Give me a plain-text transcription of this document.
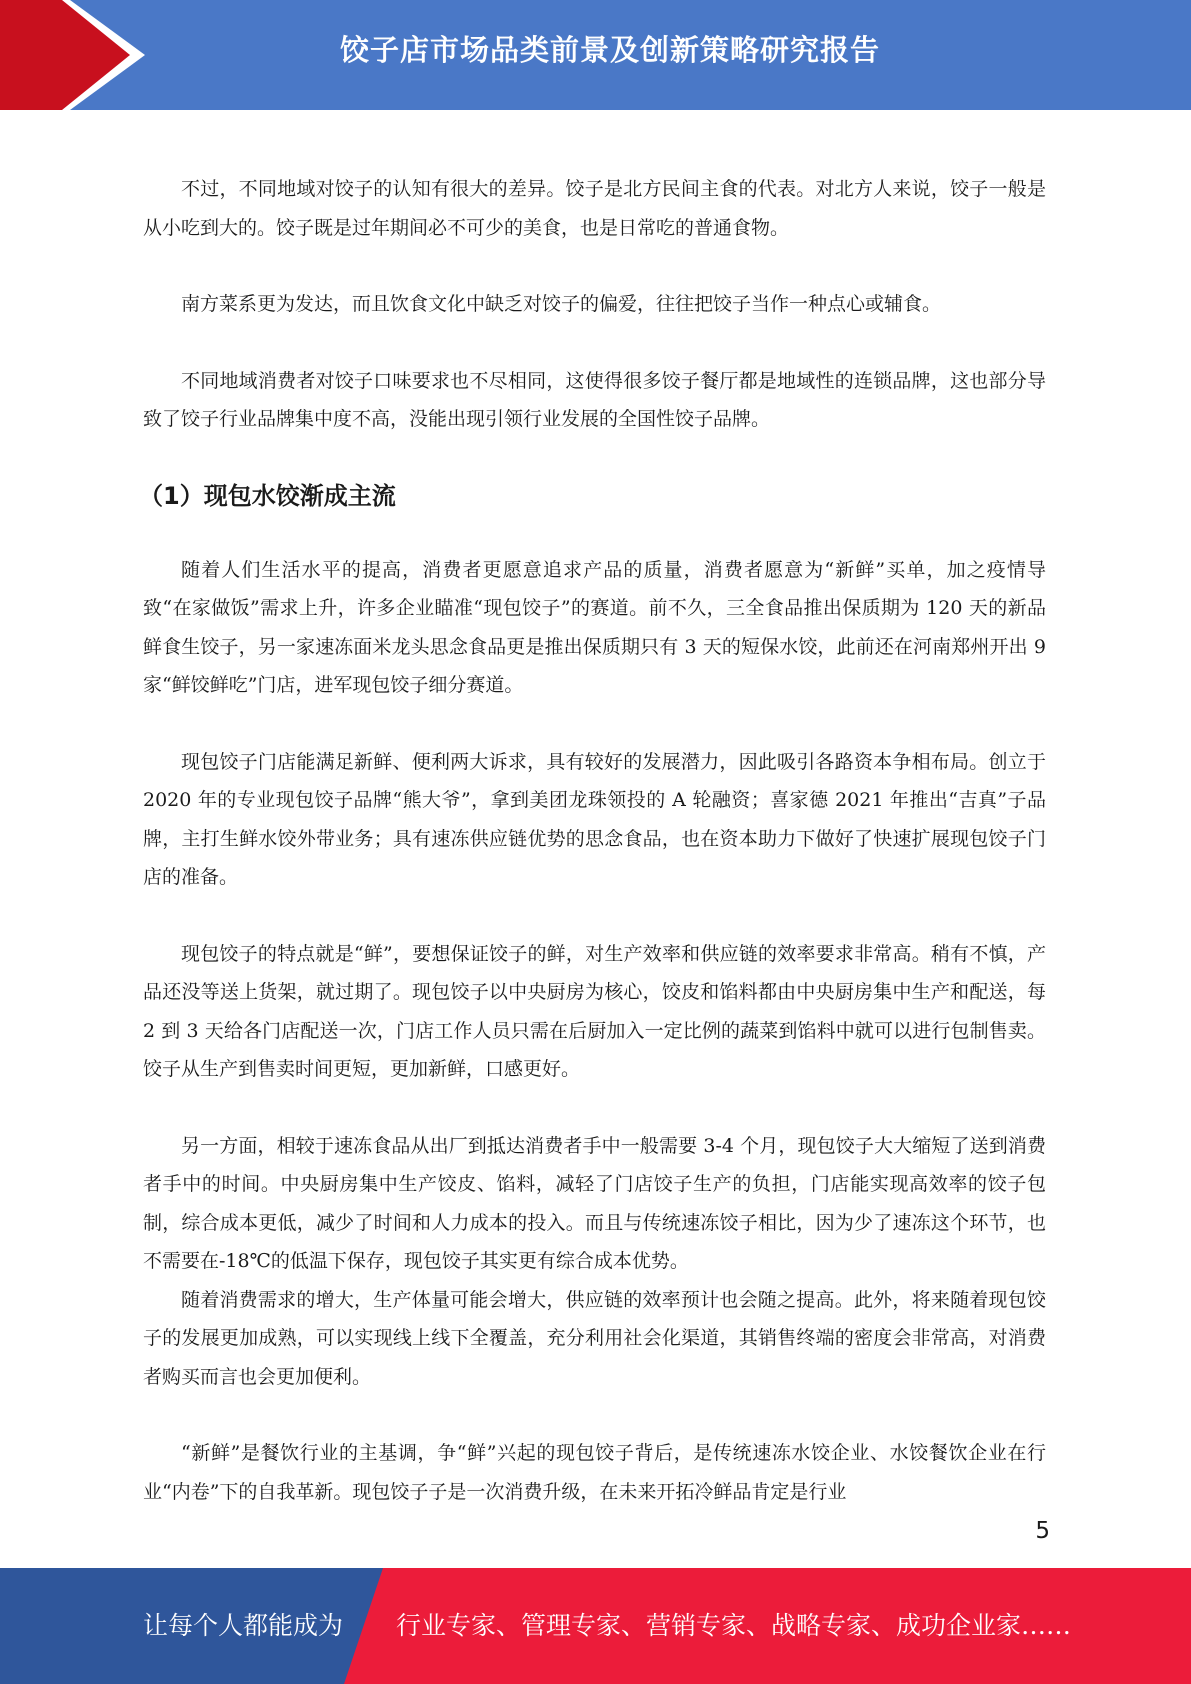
饺子店市场品类前景及创新策略研究报告

不过，不同地域对饺子的认知有很大的差异。饺子是北方民间主食的代表。对北方人来说，饺子一般是从小吃到大的。饺子既是过年期间必不可少的美食，也是日常吃的普通食物。

南方菜系更为发达，而且饮食文化中缺乏对饺子的偏爱，往往把饺子当作一种点心或辅食。

不同地域消费者对饺子口味要求也不尽相同，这使得很多饺子餐厅都是地域性的连锁品牌，这也部分导致了饺子行业品牌集中度不高，没能出现引领行业发展的全国性饺子品牌。

（1）现包水饺渐成主流

随着人们生活水平的提高，消费者更愿意追求产品的质量，消费者愿意为“新鲜”买单，加之疫情导致“在家做饭”需求上升，许多企业瞄准“现包饺子”的赛道。前不久，三全食品推出保质期为 120 天的新品鲜食生饺子，另一家速冻面米龙头思念食品更是推出保质期只有 3 天的短保水饺，此前还在河南郑州开出 9 家“鲜饺鲜吃”门店，进军现包饺子细分赛道。

现包饺子门店能满足新鲜、便利两大诉求，具有较好的发展潜力，因此吸引各路资本争相布局。创立于 2020 年的专业现包饺子品牌“熊大爷”，拿到美团龙珠领投的 A 轮融资；喜家德 2021 年推出“吉真”子品牌，主打生鲜水饺外带业务；具有速冻供应链优势的思念食品，也在资本助力下做好了快速扩展现包饺子门店的准备。

现包饺子的特点就是“鲜”，要想保证饺子的鲜，对生产效率和供应链的效率要求非常高。稍有不慎，产品还没等送上货架，就过期了。现包饺子以中央厨房为核心，饺皮和馅料都由中央厨房集中生产和配送，每 2 到 3 天给各门店配送一次，门店工作人员只需在后厨加入一定比例的蔬菜到馅料中就可以进行包制售卖。饺子从生产到售卖时间更短，更加新鲜，口感更好。

另一方面，相较于速冻食品从出厂到抵达消费者手中一般需要 3-4 个月，现包饺子大大缩短了送到消费者手中的时间。中央厨房集中生产饺皮、馅料，减轻了门店饺子生产的负担，门店能实现高效率的饺子包制，综合成本更低，减少了时间和人力成本的投入。而且与传统速冻饺子相比，因为少了速冻这个环节，也不需要在-18℃的低温下保存，现包饺子其实更有综合成本优势。

随着消费需求的增大，生产体量可能会增大，供应链的效率预计也会随之提高。此外，将来随着现包饺子的发展更加成熟，可以实现线上线下全覆盖，充分利用社会化渠道，其销售终端的密度会非常高，对消费者购买而言也会更加便利。

“新鲜”是餐饮行业的主基调，争“鲜”兴起的现包饺子背后，是传统速冻水饺企业、水饺餐饮企业在行业“内卷”下的自我革新。现包饺子子是一次消费升级，在未来开拓冷鲜品肯定是行业

5
让每个人都能成为 行业专家、管理专家、营销专家、战略专家、成功企业家……
